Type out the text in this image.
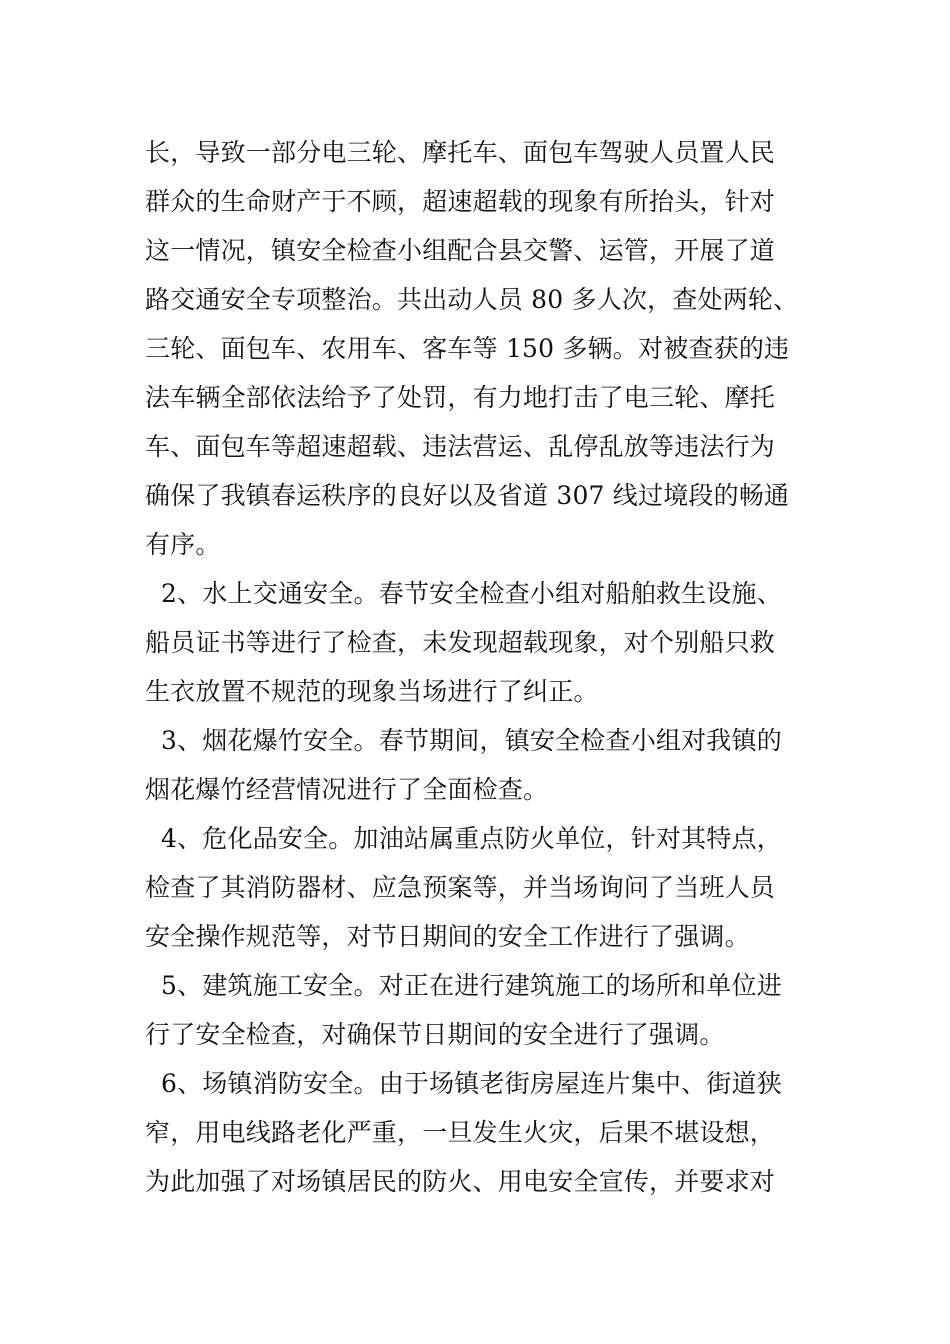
长，导致一部分电三轮、摩托车、面包车驾驶人员置人民
群众的生命财产于不顾，超速超载的现象有所抬头，针对
这一情况，镇安全检查小组配合县交警、运管，开展了道
路交通安全专项整治。共出动人员 80 多人次，查处两轮、
三轮、面包车、农用车、客车等 150 多辆。对被查获的违
法车辆全部依法给予了处罚，有力地打击了电三轮、摩托
车、面包车等超速超载、违法营运、乱停乱放等违法行为
确保了我镇春运秩序的良好以及省道 307 线过境段的畅通
有序。
2、水上交通安全。春节安全检查小组对船舶救生设施、
船员证书等进行了检查，未发现超载现象，对个别船只救
生衣放置不规范的现象当场进行了纠正。
3、烟花爆竹安全。春节期间，镇安全检查小组对我镇的
烟花爆竹经营情况进行了全面检查。
4、危化品安全。加油站属重点防火单位，针对其特点，
检查了其消防器材、应急预案等，并当场询问了当班人员
安全操作规范等，对节日期间的安全工作进行了强调。
5、建筑施工安全。对正在进行建筑施工的场所和单位进
行了安全检查，对确保节日期间的安全进行了强调。
6、场镇消防安全。由于场镇老街房屋连片集中、街道狭
窄，用电线路老化严重，一旦发生火灾，后果不堪设想，
为此加强了对场镇居民的防火、用电安全宣传，并要求对
